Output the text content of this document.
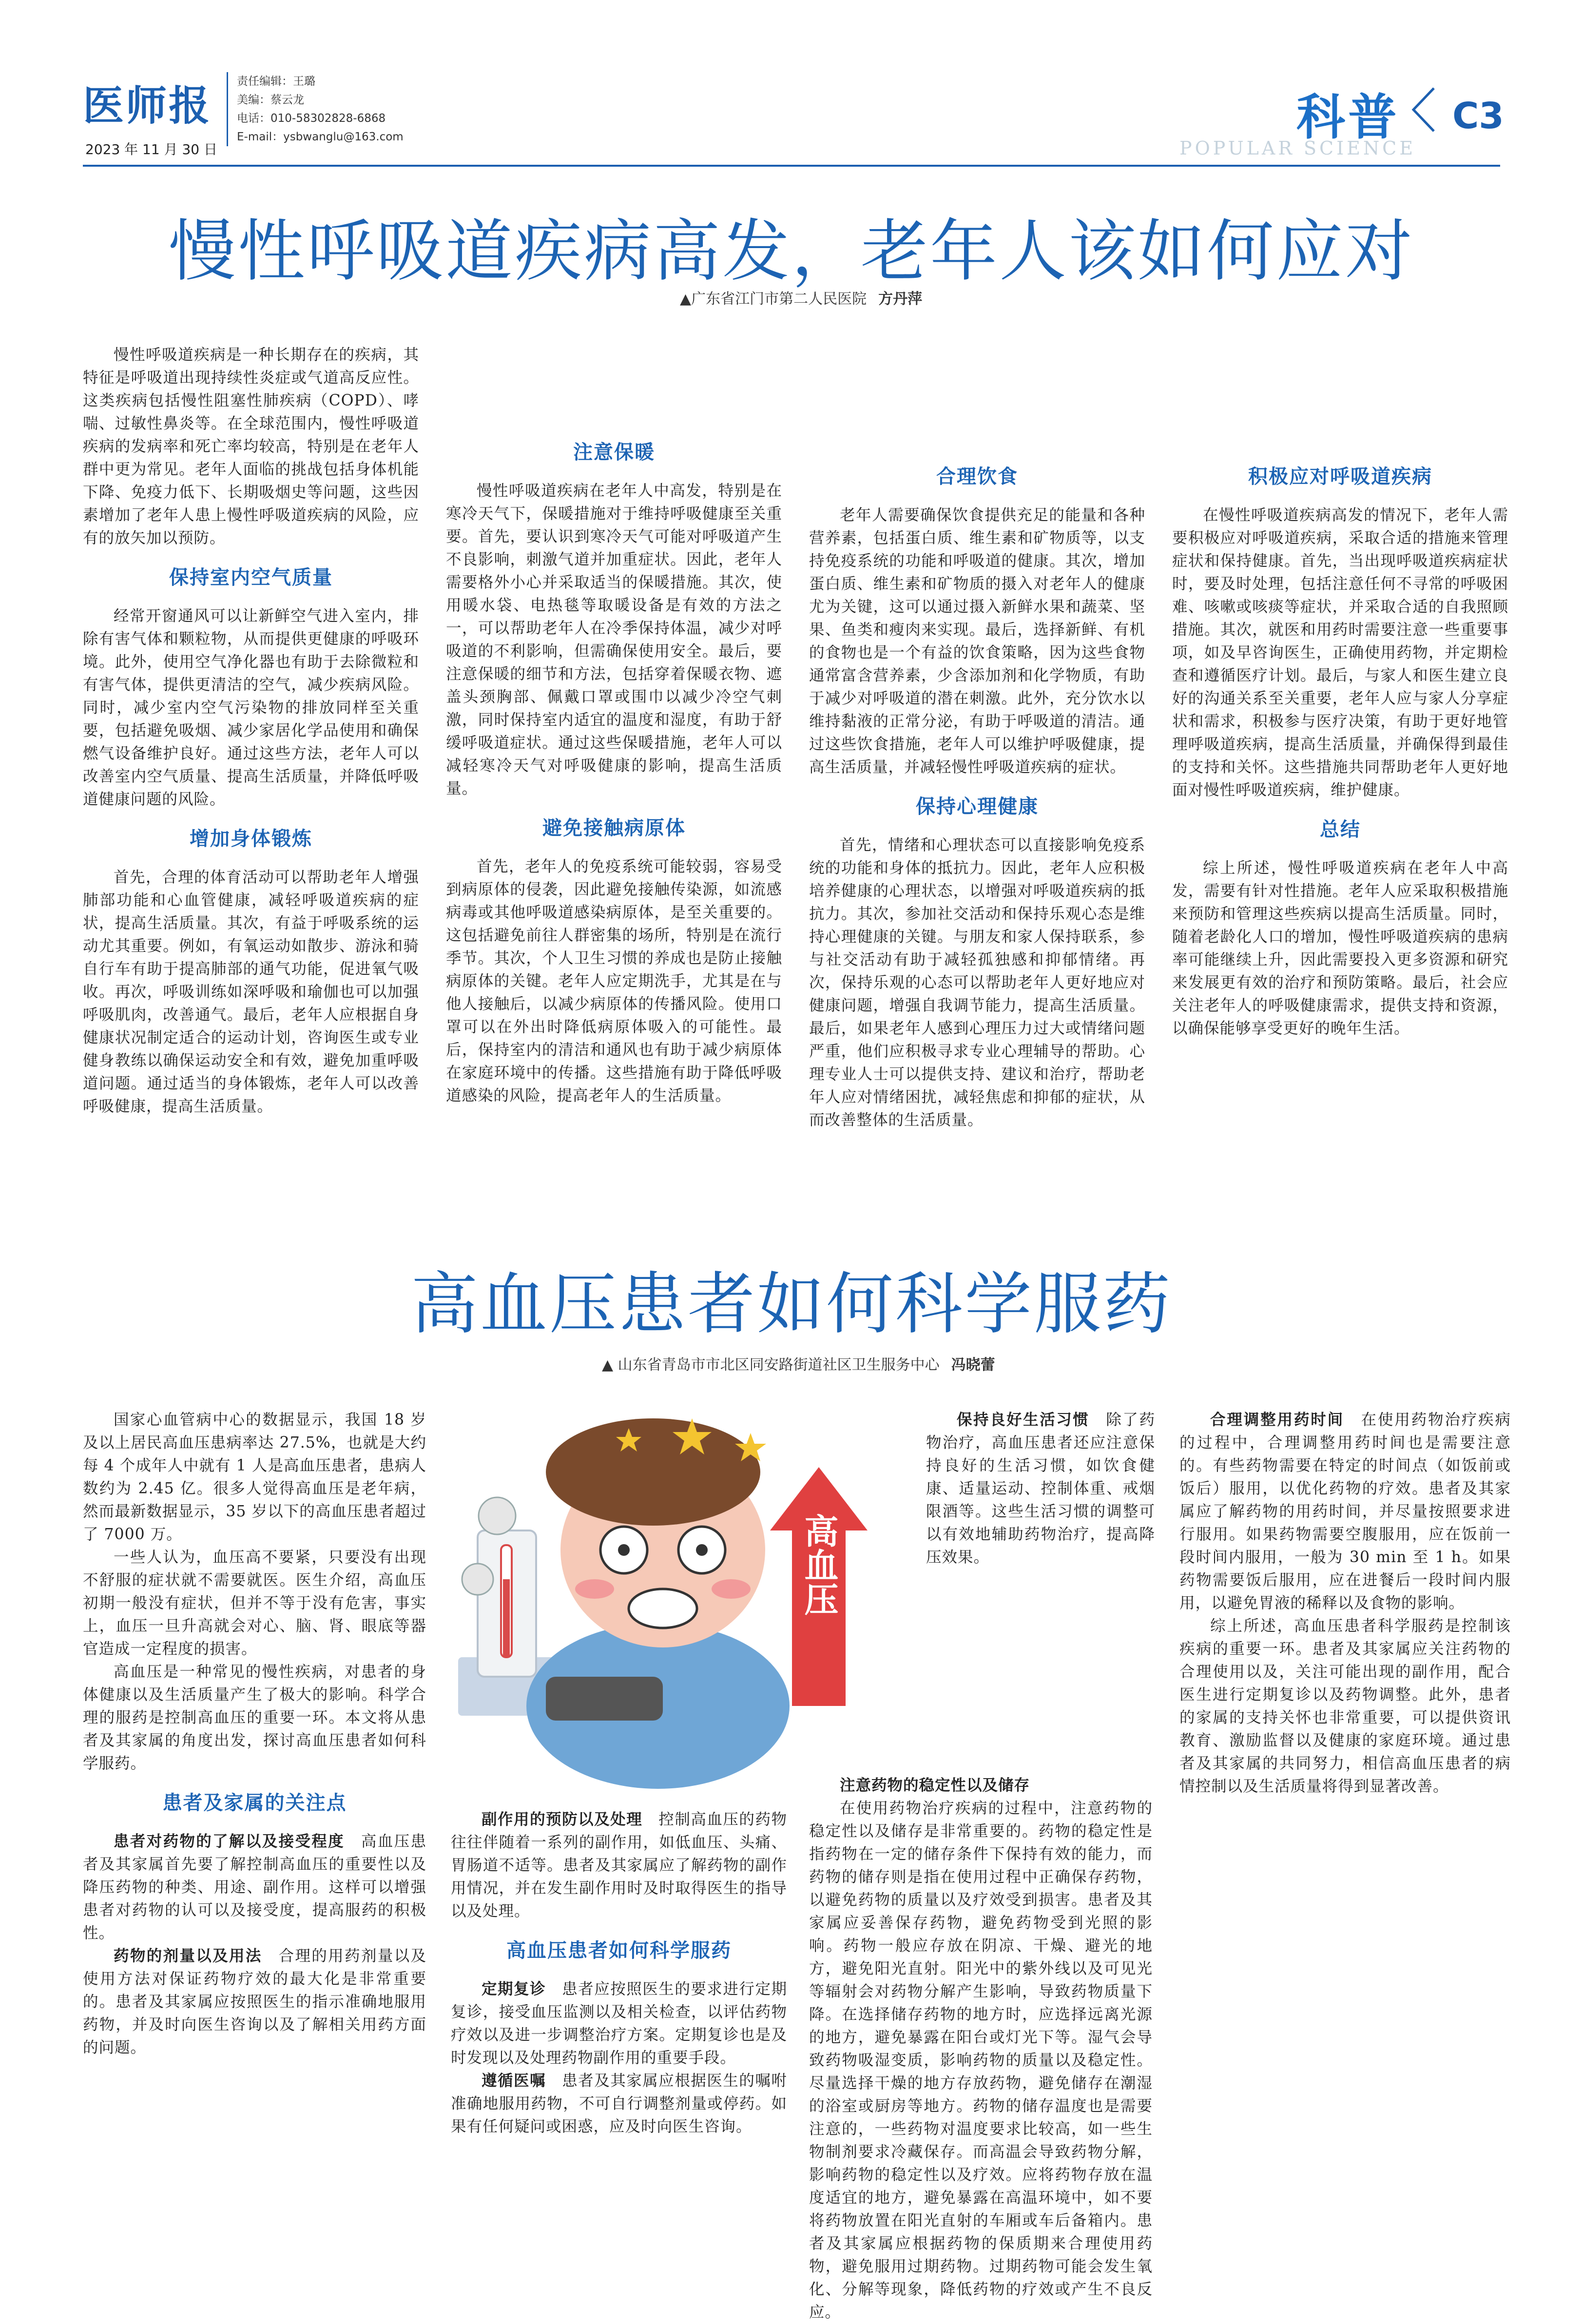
医师报
2023 年 11 月 30 日
责任编辑：王璐
美编：蔡云龙
电话：010-58302828-6868
E-mail：ysbwanglu@163.com	科普 C3
POPULAR SCIENCE
慢性呼吸道疾病高发，老年人该如何应对
▲广东省江门市第二人民医院 方丹萍

慢性呼吸道疾病是一种长期存在的疾病，其特征是呼吸道出现持续性炎症或气道高反应性。这类疾病包括慢性阻塞性肺疾病（COPD）、哮喘、过敏性鼻炎等。在全球范围内，慢性呼吸道疾病的发病率和死亡率均较高，特别是在老年人群中更为常见。老年人面临的挑战包括身体机能下降、免疫力低下、长期吸烟史等问题，这些因素增加了老年人患上慢性呼吸道疾病的风险，应有的放矢加以预防。

保持室内空气质量

经常开窗通风可以让新鲜空气进入室内，排除有害气体和颗粒物，从而提供更健康的呼吸环境。此外，使用空气净化器也有助于去除微粒和有害气体，提供更清洁的空气，减少疾病风险。同时，减少室内空气污染物的排放同样至关重要，包括避免吸烟、减少家居化学品使用和确保燃气设备维护良好。通过这些方法，老年人可以改善室内空气质量、提高生活质量，并降低呼吸道健康问题的风险。

增加身体锻炼

首先，合理的体育活动可以帮助老年人增强肺部功能和心血管健康，减轻呼吸道疾病的症状，提高生活质量。其次，有益于呼吸系统的运动尤其重要。例如，有氧运动如散步、游泳和骑自行车有助于提高肺部的通气功能，促进氧气吸收。再次，呼吸训练如深呼吸和瑜伽也可以加强呼吸肌肉，改善通气。最后，老年人应根据自身健康状况制定适合的运动计划，咨询医生或专业健身教练以确保运动安全和有效，避免加重呼吸道问题。通过适当的身体锻炼，老年人可以改善呼吸健康，提高生活质量。

注意保暖

慢性呼吸道疾病在老年人中高发，特别是在寒冷天气下，保暖措施对于维持呼吸健康至关重要。首先，要认识到寒冷天气可能对呼吸道产生不良影响，刺激气道并加重症状。因此，老年人需要格外小心并采取适当的保暖措施。其次，使用暖水袋、电热毯等取暖设备是有效的方法之一，可以帮助老年人在冷季保持体温，减少对呼吸道的不利影响，但需确保使用安全。最后，要注意保暖的细节和方法，包括穿着保暖衣物、遮盖头颈胸部、佩戴口罩或围巾以减少冷空气刺激，同时保持室内适宜的温度和湿度，有助于舒缓呼吸道症状。通过这些保暖措施，老年人可以减轻寒冷天气对呼吸健康的影响，提高生活质量。

避免接触病原体

首先，老年人的免疫系统可能较弱，容易受到病原体的侵袭，因此避免接触传染源，如流感病毒或其他呼吸道感染病原体，是至关重要的。这包括避免前往人群密集的场所，特别是在流行季节。其次，个人卫生习惯的养成也是防止接触病原体的关键。老年人应定期洗手，尤其是在与他人接触后，以减少病原体的传播风险。使用口罩可以在外出时降低病原体吸入的可能性。最后，保持室内的清洁和通风也有助于减少病原体在家庭环境中的传播。这些措施有助于降低呼吸道感染的风险，提高老年人的生活质量。

合理饮食

老年人需要确保饮食提供充足的能量和各种营养素，包括蛋白质、维生素和矿物质等，以支持免疫系统的功能和呼吸道的健康。其次，增加蛋白质、维生素和矿物质的摄入对老年人的健康尤为关键，这可以通过摄入新鲜水果和蔬菜、坚果、鱼类和瘦肉来实现。最后，选择新鲜、有机的食物也是一个有益的饮食策略，因为这些食物通常富含营养素，少含添加剂和化学物质，有助于减少对呼吸道的潜在刺激。此外，充分饮水以维持黏液的正常分泌，有助于呼吸道的清洁。通过这些饮食措施，老年人可以维护呼吸健康，提高生活质量，并减轻慢性呼吸道疾病的症状。

保持心理健康

首先，情绪和心理状态可以直接影响免疫系统的功能和身体的抵抗力。因此，老年人应积极培养健康的心理状态，以增强对呼吸道疾病的抵抗力。其次，参加社交活动和保持乐观心态是维持心理健康的关键。与朋友和家人保持联系，参与社交活动有助于减轻孤独感和抑郁情绪。再次，保持乐观的心态可以帮助老年人更好地应对健康问题，增强自我调节能力，提高生活质量。最后，如果老年人感到心理压力过大或情绪问题严重，他们应积极寻求专业心理辅导的帮助。心理专业人士可以提供支持、建议和治疗，帮助老年人应对情绪困扰，减轻焦虑和抑郁的症状，从而改善整体的生活质量。

积极应对呼吸道疾病

在慢性呼吸道疾病高发的情况下，老年人需要积极应对呼吸道疾病，采取合适的措施来管理症状和保持健康。首先，当出现呼吸道疾病症状时，要及时处理，包括注意任何不寻常的呼吸困难、咳嗽或咳痰等症状，并采取合适的自我照顾措施。其次，就医和用药时需要注意一些重要事项，如及早咨询医生，正确使用药物，并定期检查和遵循医疗计划。最后，与家人和医生建立良好的沟通关系至关重要，老年人应与家人分享症状和需求，积极参与医疗决策，有助于更好地管理呼吸道疾病，提高生活质量，并确保得到最佳的支持和关怀。这些措施共同帮助老年人更好地面对慢性呼吸道疾病，维护健康。

总结

综上所述，慢性呼吸道疾病在老年人中高发，需要有针对性措施。老年人应采取积极措施来预防和管理这些疾病以提高生活质量。同时，随着老龄化人口的增加，慢性呼吸道疾病的患病率可能继续上升，因此需要投入更多资源和研究来发展更有效的治疗和预防策略。最后，社会应关注老年人的呼吸健康需求，提供支持和资源，以确保能够享受更好的晚年生活。

高血压患者如何科学服药
▲ 山东省青岛市市北区同安路街道社区卫生服务中心 冯晓蕾

国家心血管病中心的数据显示，我国 18 岁及以上居民高血压患病率达 27.5%，也就是大约每 4 个成年人中就有 1 人是高血压患者，患病人数约为 2.45 亿。很多人觉得高血压是老年病，然而最新数据显示，35 岁以下的高血压患者超过了 7000 万。

一些人认为，血压高不要紧，只要没有出现不舒服的症状就不需要就医。医生介绍，高血压初期一般没有症状，但并不等于没有危害，事实上，血压一旦升高就会对心、脑、肾、眼底等器官造成一定程度的损害。

高血压是一种常见的慢性疾病，对患者的身体健康以及生活质量产生了极大的影响。科学合理的服药是控制高血压的重要一环。本文将从患者及其家属的角度出发，探讨高血压患者如何科学服药。

患者及家属的关注点

患者对药物的了解以及接受程度　 高血压患者及其家属首先要了解控制高血压的重要性以及降压药物的种类、用途、副作用。这样可以增强患者对药物的认可以及接受度，提高服药的积极性。

药物的剂量以及用法　 合理的用药剂量以及使用方法对保证药物疗效的最大化是非常重要的。患者及其家属应按照医生的指示准确地服用药物，并及时向医生咨询以及了解相关用药方面的问题。

高血压

副作用的预防以及处理　 控制高血压的药物往往伴随着一系列的副作用，如低血压、头痛、胃肠道不适等。患者及其家属应了解药物的副作用情况，并在发生副作用时及时取得医生的指导以及处理。

高血压患者如何科学服药

定期复诊　 患者应按照医生的要求进行定期复诊，接受血压监测以及相关检查，以评估药物疗效以及进一步调整治疗方案。定期复诊也是及时发现以及处理药物副作用的重要手段。

遵循医嘱　 患者及其家属应根据医生的嘱咐准确地服用药物，不可自行调整剂量或停药。如果有任何疑问或困惑，应及时向医生咨询。

保持良好生活习惯　 除了药物治疗，高血压患者还应注意保持良好的生活习惯，如饮食健康、适量运动、控制体重、戒烟限酒等。这些生活习惯的调整可以有效地辅助药物治疗，提高降压效果。

注意药物的稳定性以及储存　
在使用药物治疗疾病的过程中，注意药物的稳定性以及储存是非常重要的。药物的稳定性是指药物在一定的储存条件下保持有效的能力，而药物的储存则是指在使用过程中正确保存药物，以避免药物的质量以及疗效受到损害。患者及其家属应妥善保存药物，避免药物受到光照的影响。药物一般应存放在阴凉、干燥、避光的地方，避免阳光直射。阳光中的紫外线以及可见光等辐射会对药物分解产生影响，导致药物质量下降。在选择储存药物的地方时，应选择远离光源的地方，避免暴露在阳台或灯光下等。湿气会导致药物吸湿变质，影响药物的质量以及稳定性。尽量选择干燥的地方存放药物，避免储存在潮湿的浴室或厨房等地方。药物的储存温度也是需要注意的，一些药物对温度要求比较高，如一些生物制剂要求冷藏保存。而高温会导致药物分解，影响药物的稳定性以及疗效。应将药物存放在温度适宜的地方，避免暴露在高温环境中，如不要将药物放置在阳光直射的车厢或车后备箱内。患者及其家属应根据药物的保质期来合理使用药物，避免服用过期药物。过期药物可能会发生氧化、分解等现象，降低药物的疗效或产生不良反应。

合理调整用药时间　 在使用药物治疗疾病的过程中，合理调整用药时间也是需要注意的。有些药物需要在特定的时间点（如饭前或饭后）服用，以优化药物的疗效。患者及其家属应了解药物的用药时间，并尽量按照要求进行服用。如果药物需要空腹服用，应在饭前一段时间内服用，一般为 30 min 至 1 h。如果药物需要饭后服用，应在进餐后一段时间内服用，以避免胃液的稀释以及食物的影响。

综上所述，高血压患者科学服药是控制该疾病的重要一环。患者及其家属应关注药物的合理使用以及，关注可能出现的副作用，配合医生进行定期复诊以及药物调整。此外，患者的家属的支持关怀也非常重要，可以提供资讯教育、激励监督以及健康的家庭环境。通过患者及其家属的共同努力，相信高血压患者的病情控制以及生活质量将得到显著改善。
